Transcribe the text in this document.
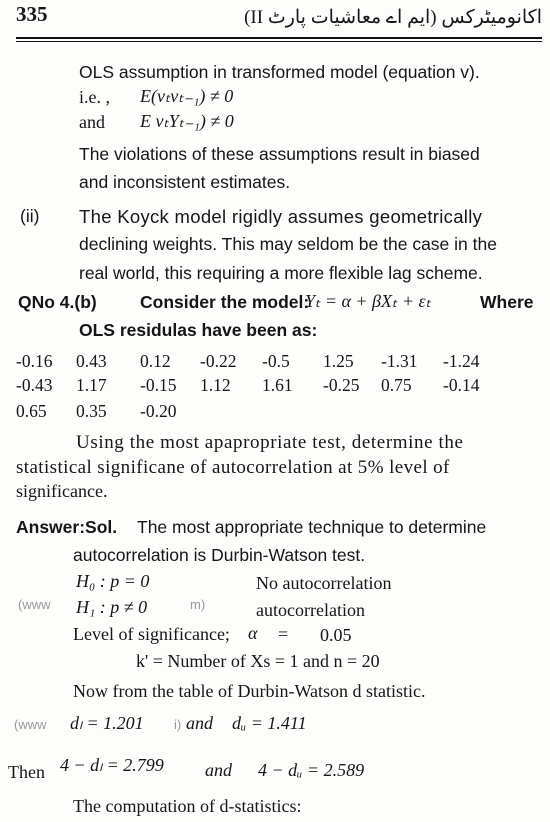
335	اکانومیٹرکس (ایم اے معاشیات پارٹ II)
OLS assumption in transformed model (equation v).
i.e. , E(vₜvₜ₋₁) ≠ 0
and E vₜYₜ₋₁) ≠ 0
The violations of these assumptions result in biased
and inconsistent estimates.
(ii) The Koyck model rigidly assumes geometrically
declining weights. This may seldom be the case in the
real world, this requiring a more flexible lag scheme.
QNo 4.(b) Consider the model:
Yₜ = α + βXₜ + εₜ	Where
OLS residulas have been as:
-0.16 0.43 0.12 -0.22 -0.5 1.25 -1.31 -1.24
-0.43 1.17 -0.15 1.12 1.61 -0.25 0.75 -0.14
0.65 0.35 -0.20
Using the most apapropriate test, determine the
statistical significane of autocorrelation at 5% level of
significance.
Answer:Sol. The most appropriate technique to determine
autocorrelation is Durbin-Watson test.
H₀ : p = 0	No autocorrelation
(www H₁ : p ≠ 0	m)	autocorrelation
Level of significance; α = 0.05
k' = Number of Xs = 1 and n = 20
Now from the table of Durbin-Watson d statistic.
(www dₗ = 1.201 i) and dᵤ = 1.411
Then 4 − dₗ = 2.799 and 4 − dᵤ = 2.589
The computation of d-statistics:
